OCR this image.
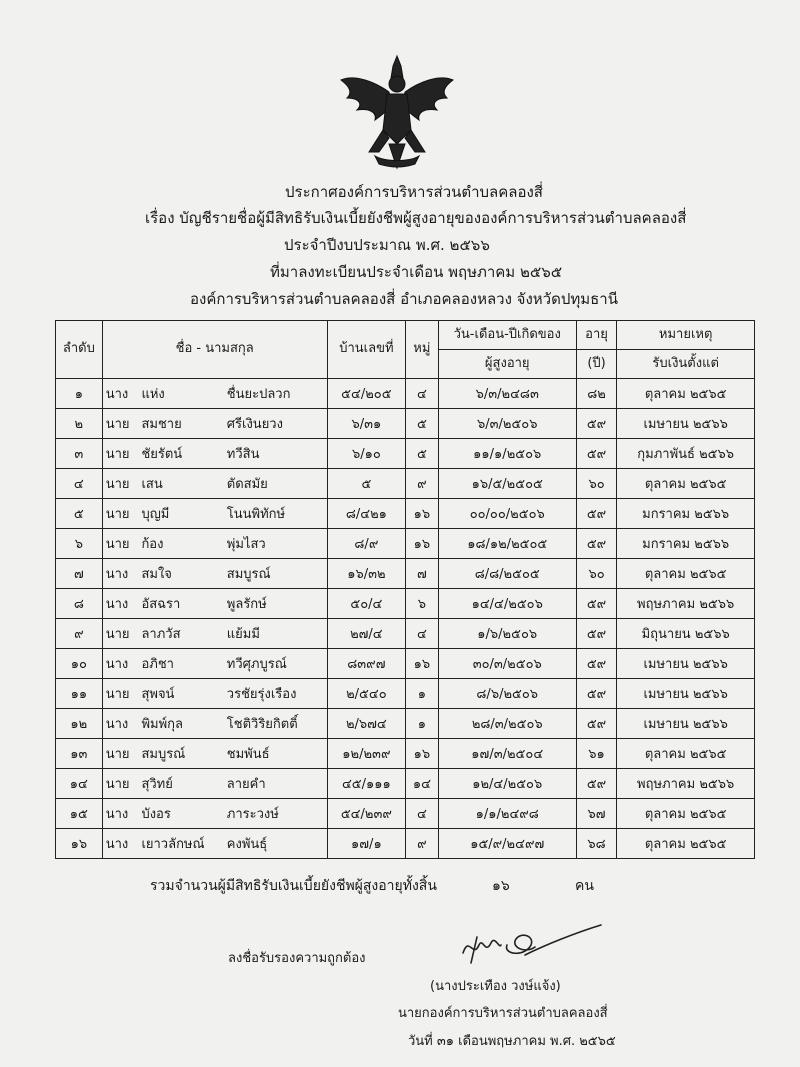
ประกาศองค์การบริหารส่วนตำบลคลองสี่
เรื่อง บัญชีรายชื่อผู้มีสิทธิรับเงินเบี้ยยังชีพผู้สูงอายุขององค์การบริหารส่วนตำบลคลองสี่
ประจำปีงบประมาณ พ.ศ. ๒๕๖๖
ที่มาลงทะเบียนประจำเดือน พฤษภาคม ๒๕๖๕
องค์การบริหารส่วนตำบลคลองสี่ อำเภอคลองหลวง จังหวัดปทุมธานี
ลำดับ	ชื่อ - นามสกุล			บ้านเลขที่	หมู่	วัน-เดือน-ปีเกิดของ	อายุ	หมายเหตุ
						ผู้สูงอายุ	(ปี)	รับเงินตั้งแต่
๑	นาง	แห่ง	ชื่นยะปลวก	๕๔/๒๐๕	๔	๖/๓/๒๔๘๓	๘๒	ตุลาคม ๒๕๖๕
๒	นาย	สมชาย	ศรีเงินยวง	๖/๓๑	๕	๖/๓/๒๕๐๖	๕๙	เมษายน ๒๕๖๖
๓	นาย	ชัยรัตน์	ทวีสิน	๖/๑๐	๕	๑๑/๑/๒๕๐๖	๕๙	กุมภาพันธ์ ๒๕๖๖
๔	นาย	เสน	ตัดสมัย	๕	๙	๑๖/๕/๒๕๐๕	๖๐	ตุลาคม ๒๕๖๕
๕	นาย	บุญมี	โนนพิทักษ์	๘/๔๒๑	๑๖	๐๐/๐๐/๒๕๐๖	๕๙	มกราคม ๒๕๖๖
๖	นาย	ก้อง	พุ่มไสว	๘/๙	๑๖	๑๘/๑๒/๒๕๐๕	๕๙	มกราคม ๒๕๖๖
๗	นาง	สมใจ	สมบูรณ์	๑๖/๓๒	๗	๘/๘/๒๕๐๕	๖๐	ตุลาคม ๒๕๖๕
๘	นาง	อัสฉรา	พูลรักษ์	๕๐/๔	๖	๑๔/๔/๒๕๐๖	๕๙	พฤษภาคม ๒๕๖๖
๙	นาย	ลาภวัส	แย้มมี	๒๗/๔	๔	๑/๖/๒๕๐๖	๕๙	มิถุนายน ๒๕๖๖
๑๐	นาง	อภิชา	ทวีศุภบูรณ์	๘๓๙๗	๑๖	๓๐/๓/๒๕๐๖	๕๙	เมษายน ๒๕๖๖
๑๑	นาย	สุพจน์	วรชัยรุ่งเรือง	๒/๕๔๐	๑	๘/๖/๒๕๐๖	๕๙	เมษายน ๒๕๖๖
๑๒	นาง	พิมพ์กุล	โชติวิริยกิตติ์	๒/๖๗๔	๑	๒๘/๓/๒๕๐๖	๕๙	เมษายน ๒๕๖๖
๑๓	นาย	สมบูรณ์	ชมพันธ์	๑๒/๒๓๙	๑๖	๑๗/๓/๒๕๐๔	๖๑	ตุลาคม ๒๕๖๕
๑๔	นาย	สุวิทย์	ลายคำ	๔๕/๑๑๑	๑๔	๑๒/๔/๒๕๐๖	๕๙	พฤษภาคม ๒๕๖๖
๑๕	นาง	บังอร	ภาระวงษ์	๕๔/๒๓๙	๔	๑/๑/๒๔๙๘	๖๗	ตุลาคม ๒๕๖๕
๑๖	นาง	เยาวลักษณ์	คงพันธุ์	๑๗/๑	๙	๑๕/๙/๒๔๙๗	๖๘	ตุลาคม ๒๕๖๕
รวมจำนวนผู้มีสิทธิรับเงินเบี้ยยังชีพผู้สูงอายุทั้งสิ้น	๑๖	คน
ลงชื่อรับรองความถูกต้อง
(นางประเทือง วงษ์แจ้ง)
นายกองค์การบริหารส่วนตำบลคลองสี่
วันที่ ๓๑ เดือนพฤษภาคม พ.ศ. ๒๕๖๕
